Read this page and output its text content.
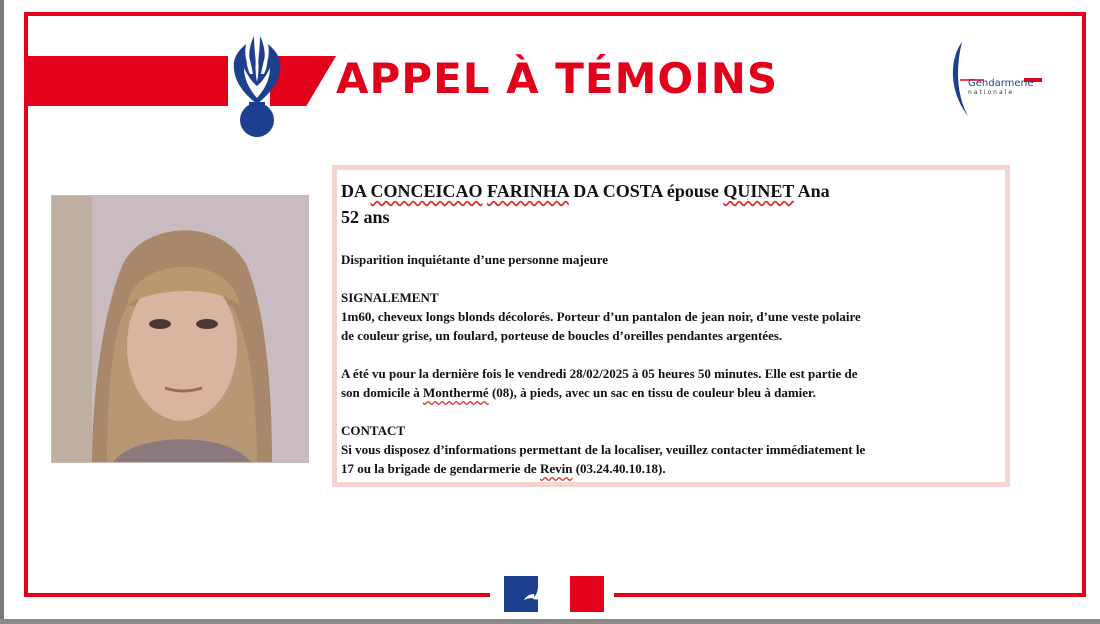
APPEL À TÉMOINS	Gendarmerie
nationale
DA CONCEICAO FARINHA DA COSTA épouse QUINET Ana
52 ans
Disparition inquiétante d’une personne majeure
SIGNALEMENT
1m60, cheveux longs blonds décolorés. Porteur d’un pantalon de jean noir, d’une veste polaire
de couleur grise, un foulard, porteuse de boucles d’oreilles pendantes argentées.
A été vu pour la dernière fois le vendredi 28/02/2025 à 05 heures 50 minutes. Elle est partie de
son domicile à Monthermé (08), à pieds, avec un sac en tissu de couleur bleu à damier.
CONTACT
Si vous disposez d’informations permettant de la localiser, veuillez contacter immédiatement le
17 ou la brigade de gendarmerie de Revin (03.24.40.10.18).
